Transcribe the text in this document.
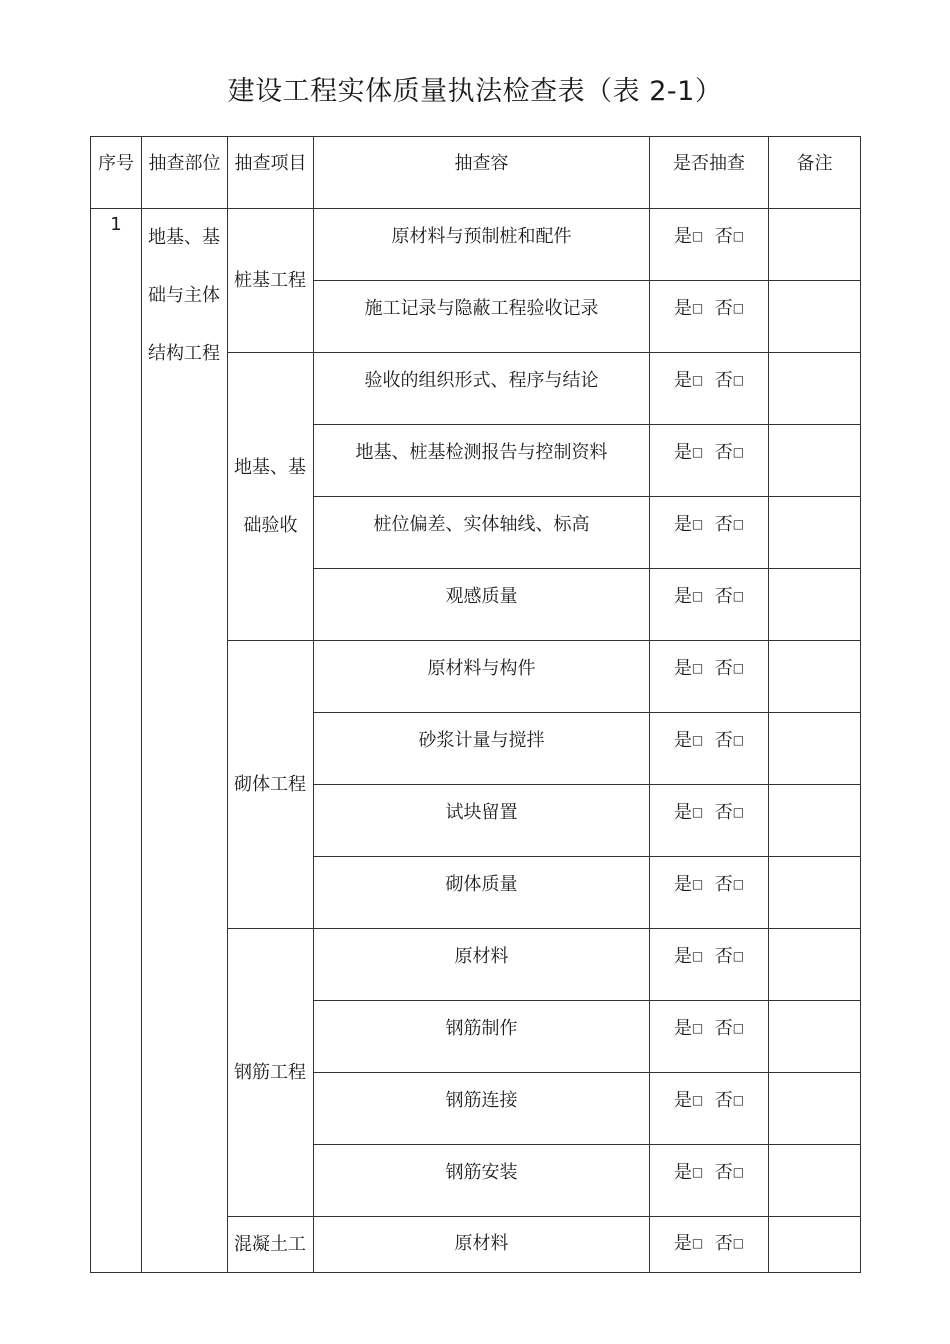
建设工程实体质量执法检查表（表 2-1）
序号	抽查部位	抽查项目	抽查容	是否抽查	备注
1	地基、基
础与主体
结构工程	桩基工程	原材料与预制桩和配件	是□ 否□	
			施工记录与隐蔽工程验收记录	是□ 否□	

		地基、基
础验收	验收的组织形式、程序与结论	是□ 否□	
			地基、桩基检测报告与控制资料	是□ 否□	
			桩位偏差、实体轴线、标高	是□ 否□	
			观感质量	是□ 否□	

		砌体工程	原材料与构件	是□ 否□	
			砂浆计量与搅拌	是□ 否□	
			试块留置	是□ 否□	
			砌体质量	是□ 否□	

		钢筋工程	原材料	是□ 否□	
			钢筋制作	是□ 否□	
			钢筋连接	是□ 否□	
			钢筋安装	是□ 否□	

		混凝土工	原材料	是□ 否□	
